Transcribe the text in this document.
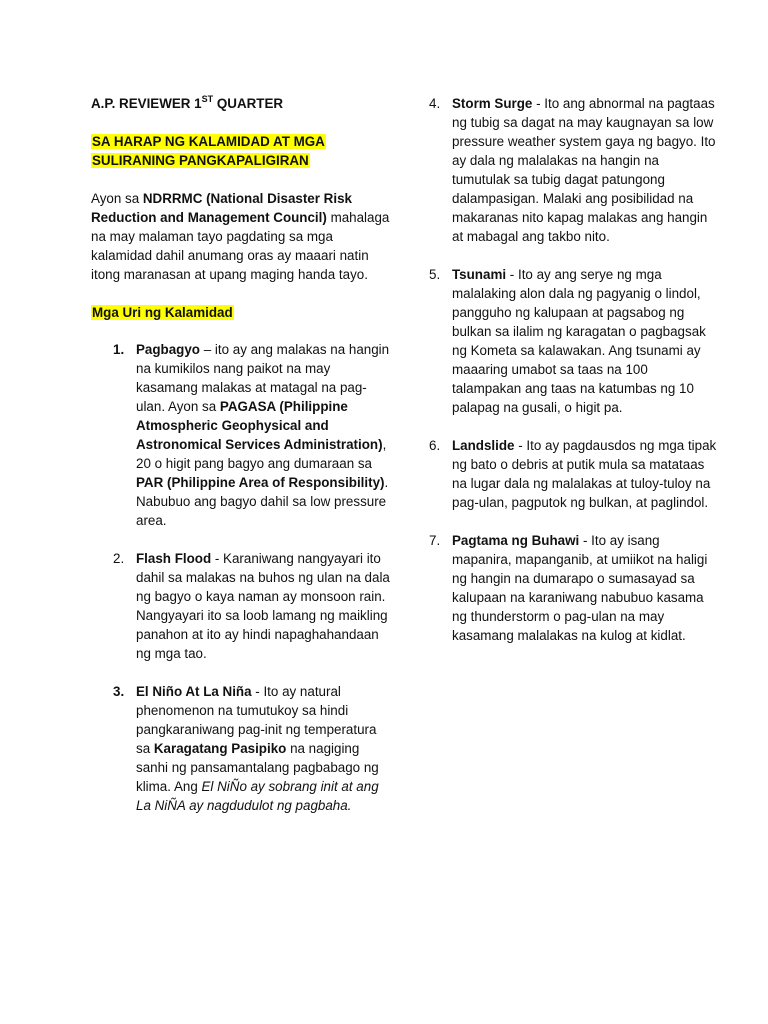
A.P. REVIEWER 1ST QUARTER

SA HARAP NG KALAMIDAD AT MGA
SULIRANING PANGKAPALIGIRAN

Ayon sa NDRRMC (National Disaster Risk Reduction and Management Council) mahalaga na may malaman tayo pagdating sa mga kalamidad dahil anumang oras ay maaari natin itong maranasan at upang maging handa tayo.

Mga Uri ng Kalamidad

1. Pagbagyo – ito ay ang malakas na hangin na kumikilos nang paikot na may kasamang malakas at matagal na pag-ulan. Ayon sa PAGASA (Philippine Atmospheric Geophysical and Astronomical Services Administration), 20 o higit pang bagyo ang dumaraan sa PAR (Philippine Area of Responsibility). Nabubuo ang bagyo dahil sa low pressure area.
2. Flash Flood - Karaniwang nangyayari ito dahil sa malakas na buhos ng ulan na dala ng bagyo o kaya naman ay monsoon rain. Nangyayari ito sa loob lamang ng maikling panahon at ito ay hindi napaghahandaan ng mga tao.
3. El Niño At La Niña - Ito ay natural phenomenon na tumutukoy sa hindi pangkaraniwang pag-init ng temperatura sa Karagatang Pasipiko na nagiging sanhi ng pansamantalang pagbabago ng klima. Ang El NiÑo ay sobrang init at ang La NiÑA ay nagdudulot ng pagbaha.
4. Storm Surge - Ito ang abnormal na pagtaas ng tubig sa dagat na may kaugnayan sa low pressure weather system gaya ng bagyo. Ito ay dala ng malalakas na hangin na tumutulak sa tubig dagat patungong dalampasigan. Malaki ang posibilidad na makaranas nito kapag malakas ang hangin at mabagal ang takbo nito.
5. Tsunami - Ito ay ang serye ng mga malalaking alon dala ng pagyanig o lindol, pangguho ng kalupaan at pagsabog ng bulkan sa ilalim ng karagatan o pagbagsak ng Kometa sa kalawakan. Ang tsunami ay maaaring umabot sa taas na 100 talampakan ang taas na katumbas ng 10 palapag na gusali, o higit pa.
6. Landslide - Ito ay pagdausdos ng mga tipak ng bato o debris at putik mula sa matataas na lugar dala ng malalakas at tuloy-tuloy na pag-ulan, pagputok ng bulkan, at paglindol.
7. Pagtama ng Buhawi - Ito ay isang mapanira, mapanganib, at umiikot na haligi ng hangin na dumarapo o sumasayad sa kalupaan na karaniwang nabubuo kasama ng thunderstorm o pag-ulan na may kasamang malalakas na kulog at kidlat.
